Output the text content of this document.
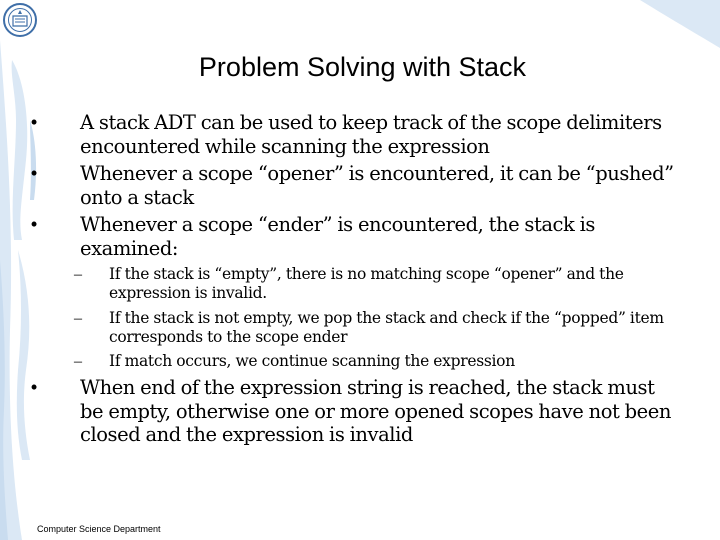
Problem Solving with Stack
•	A stack ADT can be used to keep track of the scope delimiters encountered while scanning the expression
•	Whenever a scope “opener” is encountered, it can be “pushed” onto a stack
•	Whenever a scope “ender” is encountered, the stack is examined:
– If the stack is “empty”, there is no matching scope “opener” and the expression is invalid.
– If the stack is not empty, we pop the stack and check if the “popped” item corresponds to the scope ender
– If match occurs, we continue scanning the expression
•	When end of the expression string is reached, the stack must be empty, otherwise one or more opened scopes have not been closed and the expression is invalid
Computer Science Department
